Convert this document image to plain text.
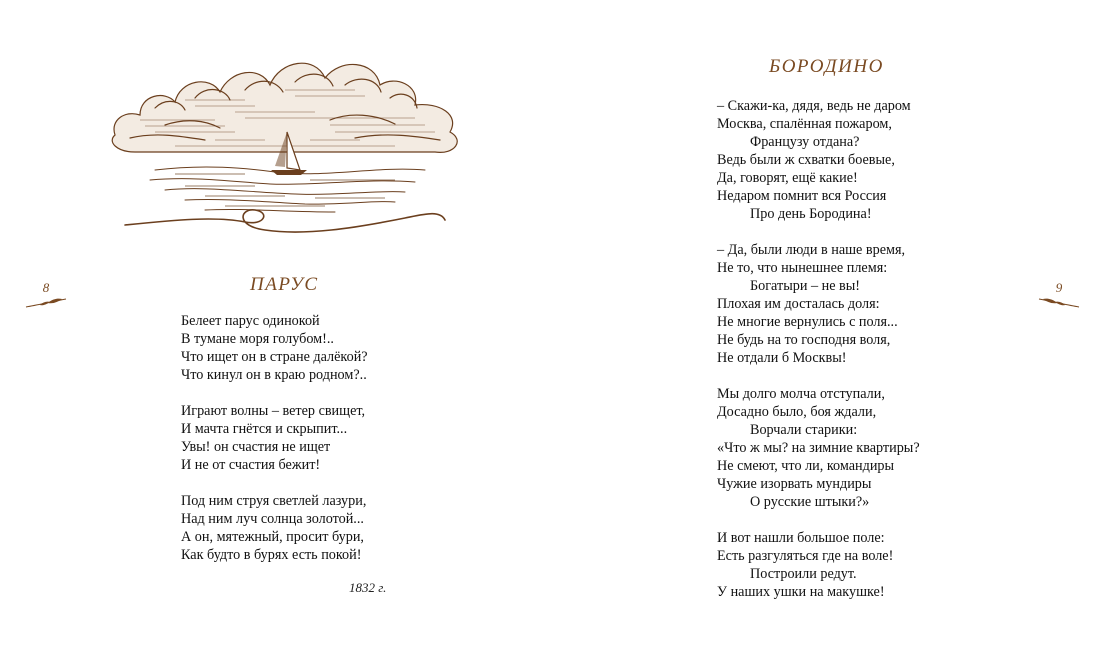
ПАРУС
Белеет парус одинокой
В тумане моря голубом!..
Что ищет он в стране далёкой?
Что кинул он в краю родном?..
Играют волны – ветер свищет,
И мачта гнётся и скрыпит...
Увы! он счастия не ищет
И не от счастия бежит!
Под ним струя светлей лазури,
Над ним луч солнца золотой...
А он, мятежный, просит бури,
Как будто в бурях есть покой!
1832 г.
8
БОРОДИНО
– Скажи-ка, дядя, ведь не даром
Москва, спалённая пожаром,
Французу отдана?
Ведь были ж схватки боевые,
Да, говорят, ещё какие!
Недаром помнит вся Россия
Про день Бородина!
– Да, были люди в наше время,
Не то, что нынешнее племя:
Богатыри – не вы!
Плохая им досталась доля:
Не многие вернулись с поля...
Не будь на то господня воля,
Не отдали б Москвы!
Мы долго молча отступали,
Досадно было, боя ждали,
Ворчали старики:
«Что ж мы? на зимние квартиры?
Не смеют, что ли, командиры
Чужие изорвать мундиры
О русские штыки?»
И вот нашли большое поле:
Есть разгуляться где на воле!
Построили редут.
У наших ушки на макушке!
9
